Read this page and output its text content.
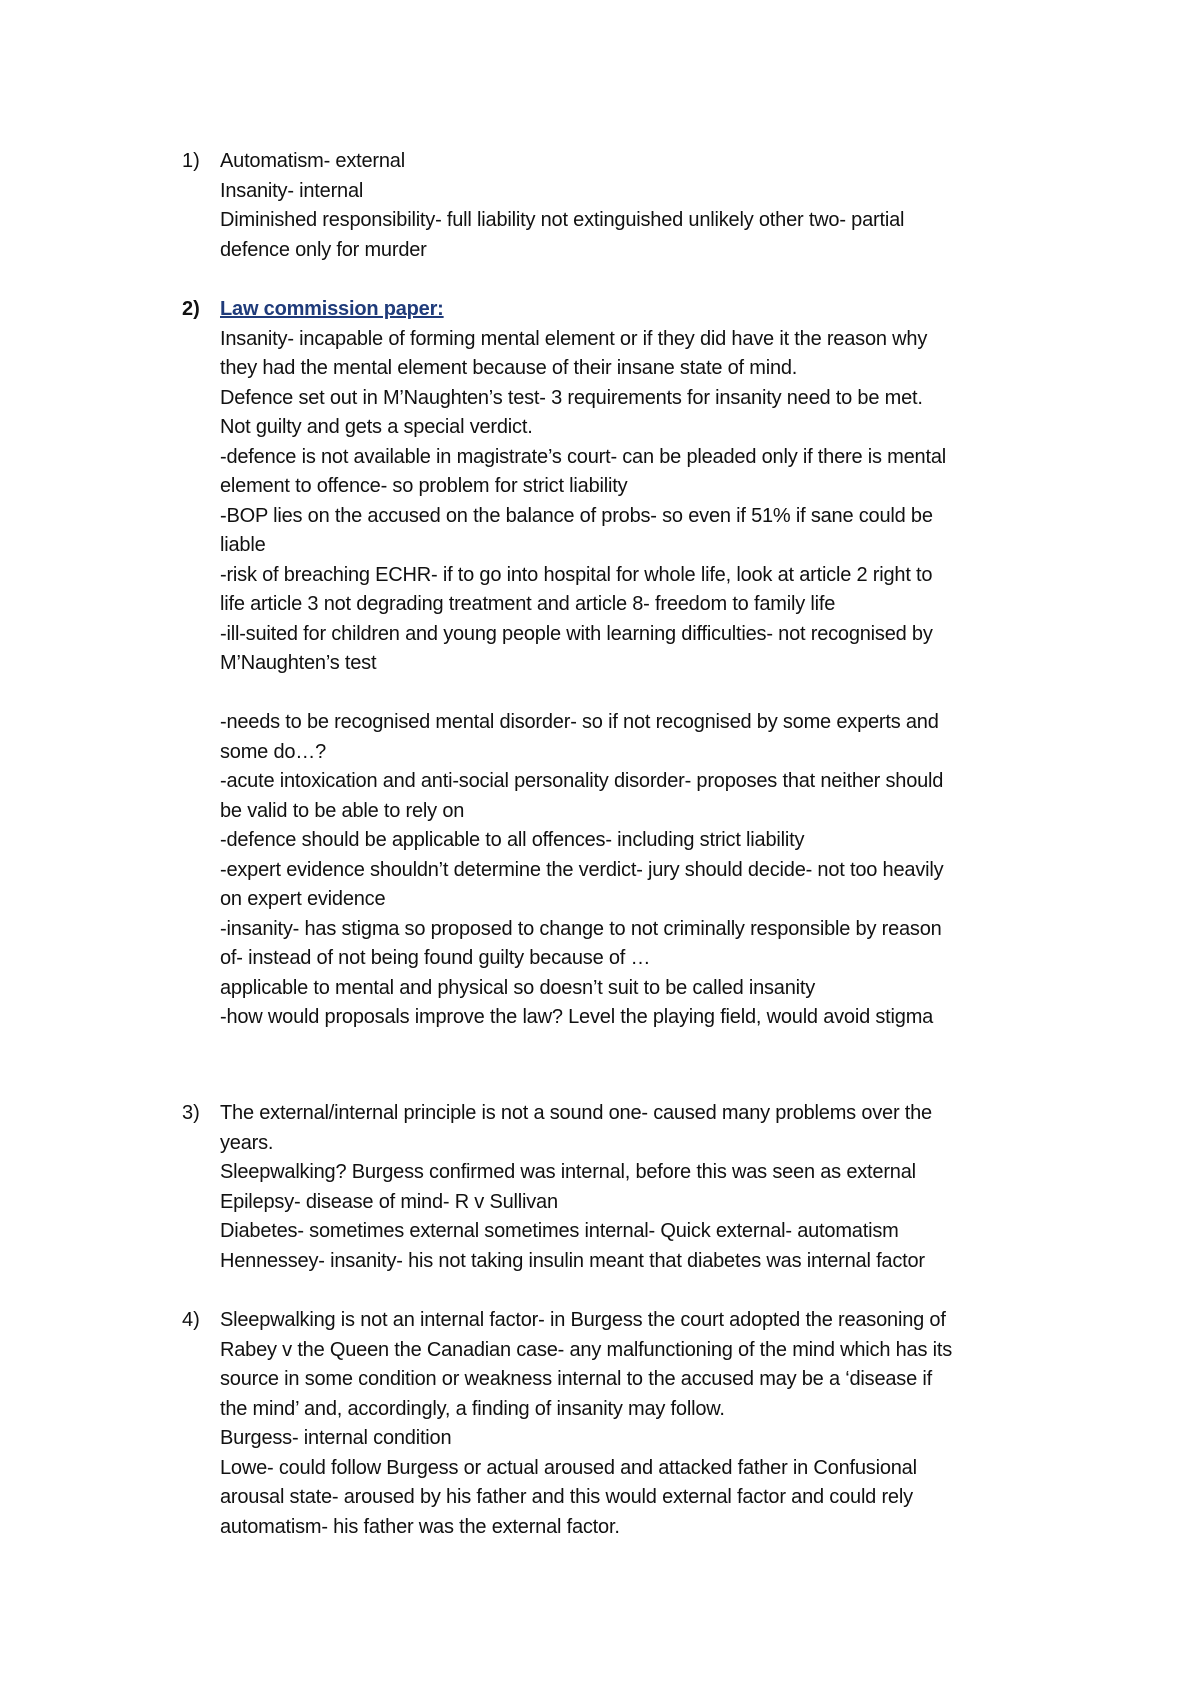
1)	Automatism- external
Insanity- internal
Diminished responsibility- full liability not extinguished unlikely other two- partial
defence only for murder
2)	Law commission paper:
Insanity- incapable of forming mental element or if they did have it the reason why
they had the mental element because of their insane state of mind.
Defence set out in M’Naughten’s test- 3 requirements for insanity need to be met.
Not guilty and gets a special verdict.
-defence is not available in magistrate’s court- can be pleaded only if there is mental
element to offence- so problem for strict liability
-BOP lies on the accused on the balance of probs- so even if 51% if sane could be
liable
-risk of breaching ECHR- if to go into hospital for whole life, look at article 2 right to
life article 3 not degrading treatment and article 8- freedom to family life
-ill-suited for children and young people with learning difficulties- not recognised by
M’Naughten’s test
-needs to be recognised mental disorder- so if not recognised by some experts and
some do…?
-acute intoxication and anti-social personality disorder- proposes that neither should
be valid to be able to rely on
-defence should be applicable to all offences- including strict liability
-expert evidence shouldn’t determine the verdict- jury should decide- not too heavily
on expert evidence
-insanity- has stigma so proposed to change to not criminally responsible by reason
of- instead of not being found guilty because of …
applicable to mental and physical so doesn’t suit to be called insanity
-how would proposals improve the law? Level the playing field, would avoid stigma
3)	The external/internal principle is not a sound one- caused many problems over the
years.
Sleepwalking? Burgess confirmed was internal, before this was seen as external
Epilepsy- disease of mind- R v Sullivan
Diabetes- sometimes external sometimes internal- Quick external- automatism
Hennessey- insanity- his not taking insulin meant that diabetes was internal factor
4)	Sleepwalking is not an internal factor- in Burgess the court adopted the reasoning of
Rabey v the Queen the Canadian case- any malfunctioning of the mind which has its
source in some condition or weakness internal to the accused may be a ‘disease if
the mind’ and, accordingly, a finding of insanity may follow.
Burgess- internal condition
Lowe- could follow Burgess or actual aroused and attacked father in Confusional
arousal state- aroused by his father and this would external factor and could rely
automatism- his father was the external factor.
